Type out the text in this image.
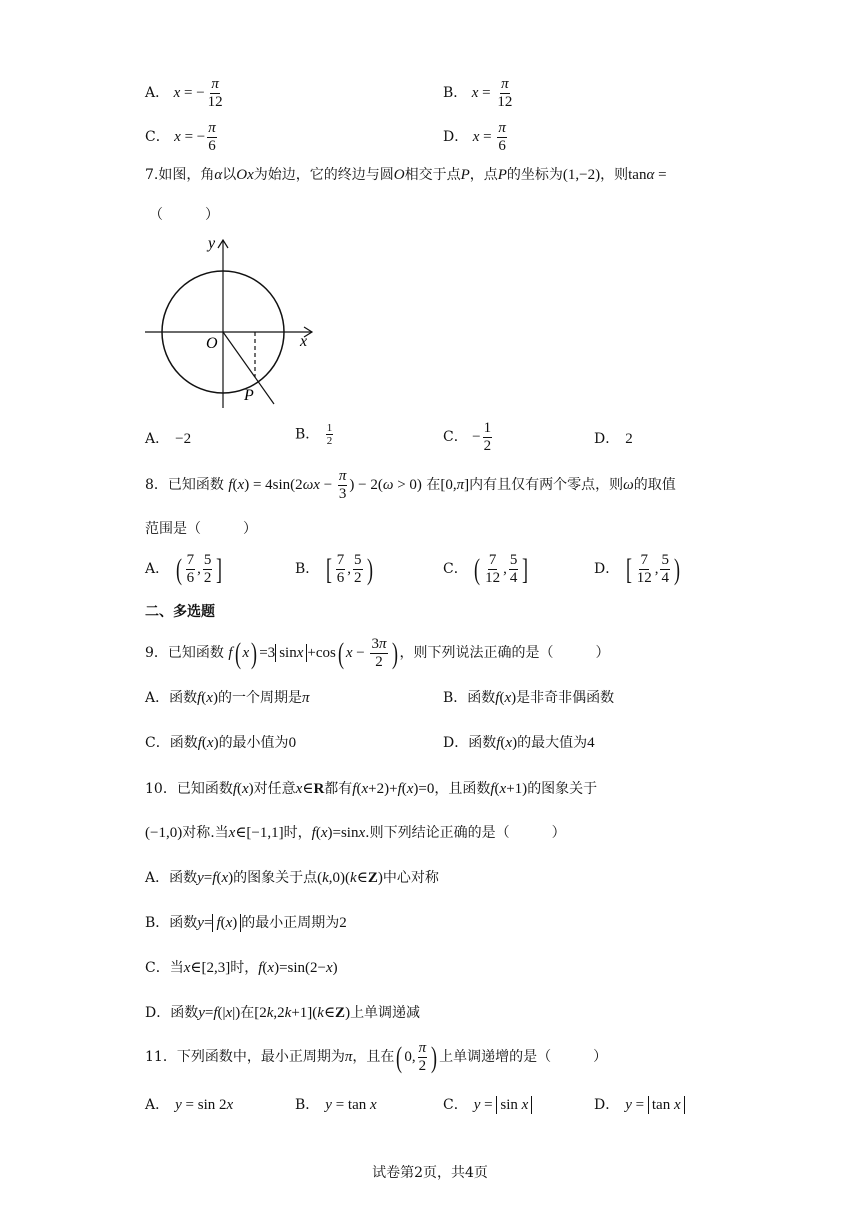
A． x = − $\frac{\pi}{12}$	B． $x = \frac{\pi}{12}$
C． x = − $\frac{\pi}{6}$	D． $x = \frac{\pi}{6}$
7.如图，角α以Ox为始边，它的终边与圆O相交于点P，点P的坐标为(1,−2)，则tanα =
（　　　）
y
x
O
P
A． −2	B． $\frac{1}{2}$	C． − $\frac{1}{2}$	D． 2
8．已知函数 $f(x) = 4\sin(2\omega x - \frac{\pi}{3}$ ) − 2(ω > 0) 在[0,π]内有且仅有两个零点，则ω的取值
范围是（　　　）
A． ( $\frac{7}{6}$ , $\frac{5}{2}$ ]	B． [ $\frac{7}{6}$ , $\frac{5}{2}$ )	C． ( $\frac{7}{12}$ , $\frac{5}{4}$ ]	D． [ $\frac{7}{12}$ , $\frac{5}{4}$ )
二、多选题
9．已知函数 f( x) =3 sinx +cos( $x - \frac{3\pi}{2}$ ) ，则下列说法正确的是（　　　）
A．函数f(x)的一个周期是π	B．函数f(x)是非奇非偶函数
C．函数f(x)的最小值为0	D．函数f(x)的最大值为4
10．已知函数f(x)对任意x∈R都有f(x+2)+f(x)=0，且函数f(x+1)的图象关于
(−1,0)对称.当x∈[−1,1]时，f(x)=sinx.则下列结论正确的是（　　　）
A．函数y=f(x)的图象关于点(k,0)(k∈Z)中心对称
B．函数y= f(x) 的最小正周期为2
C．当x∈[2,3]时，f(x)=sin(2−x)
D．函数y=f(|x|)在[2k,2k+1](k∈Z)上单调递减
11．下列函数中，最小正周期为π，且在( 0, $\frac{\pi}{2}$ ) 上单调递增的是（　　　）
A． y = sin 2x	B． y = tan x	C． y = sin x	D． y = tan x
试卷第2页，共4页
